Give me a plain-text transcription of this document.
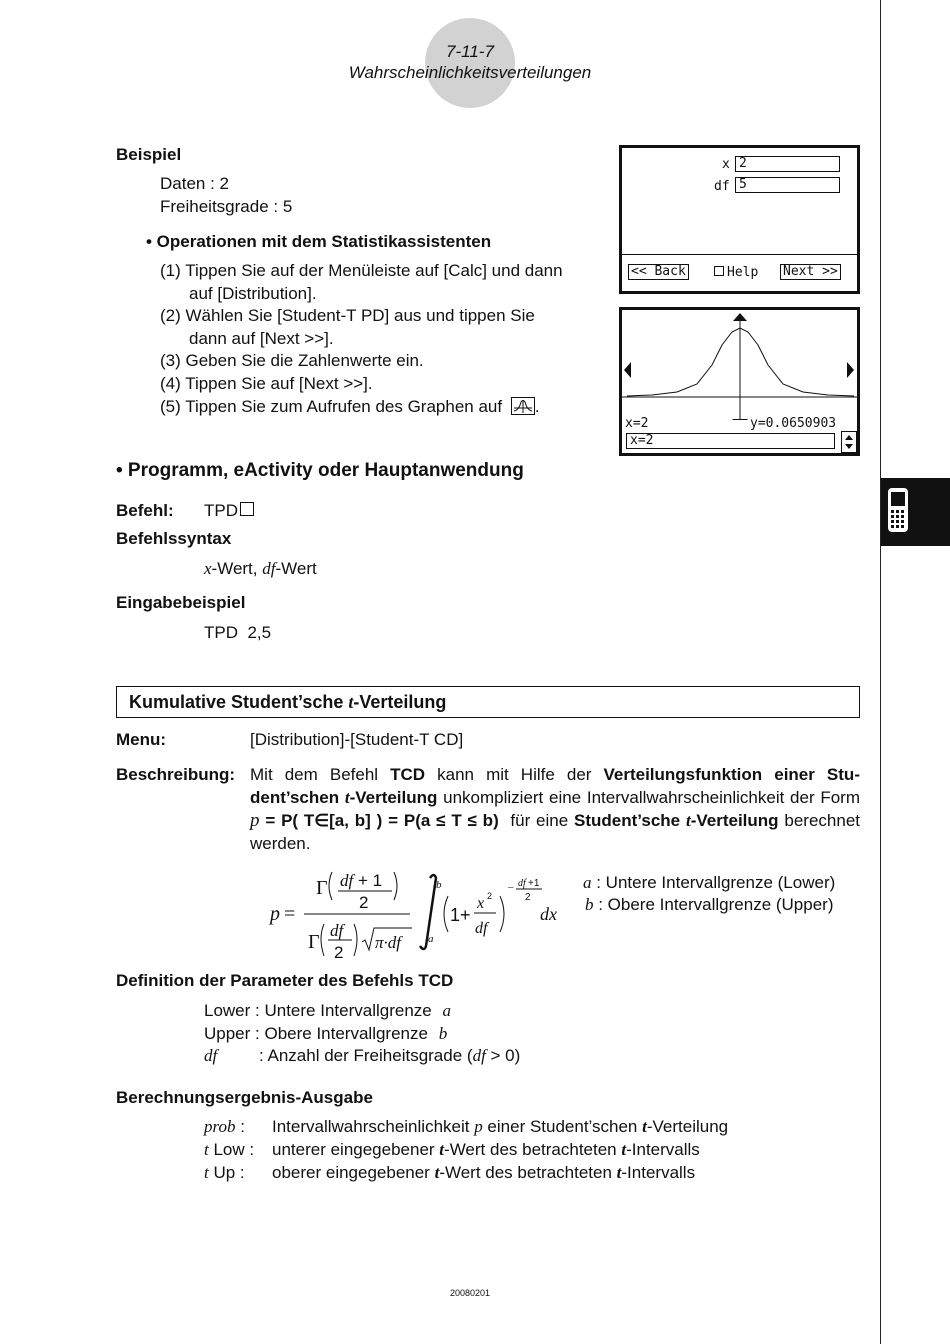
7-11-7
Wahrscheinlichkeitsverteilungen
Beispiel
Daten : 2
Freiheitsgrade : 5
• Operationen mit dem Statistikassistenten
(1) Tippen Sie auf der Menüleiste auf [Calc] und dann
auf [Distribution].
(2) Wählen Sie [Student-T PD] aus und tippen Sie
dann auf [Next >>].
(3) Geben Sie die Zahlenwerte ein.
(4) Tippen Sie auf [Next >>].
(5) Tippen Sie zum Aufrufen des Graphen auf .
x 2
df 5
<< Back	Help Next >>
x=2	y=0.0650903
x=2
• Programm, eActivity oder Hauptanwendung
Befehl: TPD
Befehlssyntax
x-Wert, df-Wert
Eingabebeispiel
TPD  2,5
Kumulative Student’sche t-Verteilung
Menu:	[Distribution]-[Student-T CD]
Beschreibung: Mit dem Befehl TCD kann mit Hilfe der Verteilungsfunktion einer Stu-dent’schen t-Verteilung unkompliziert eine Intervallwahrscheinlichkeit der Form p = P( T∈[a, b] ) = P(a ≤ T ≤ b)  für eine Student’sche t-Verteilung berechnet werden.
p =
Γ df + 1
2
Γ
df
2
π·df
b
a
1+
x 2
df
– df +1
2
dx
a : Untere Intervallgrenze (Lower)
b : Obere Intervallgrenze (Upper)
Definition der Parameter des Befehls TCD
Lower : Untere Intervallgrenze a
Upper : Obere Intervallgrenze b
df : Anzahl der Freiheitsgrade (df > 0)
Berechnungsergebnis-Ausgabe
prob : Intervallwahrscheinlichkeit p einer Student’schen t-Verteilung
t Low : unterer eingegebener t-Wert des betrachteten t-Intervalls
t Up : oberer eingegebener t-Wert des betrachteten t-Intervalls
20080201
